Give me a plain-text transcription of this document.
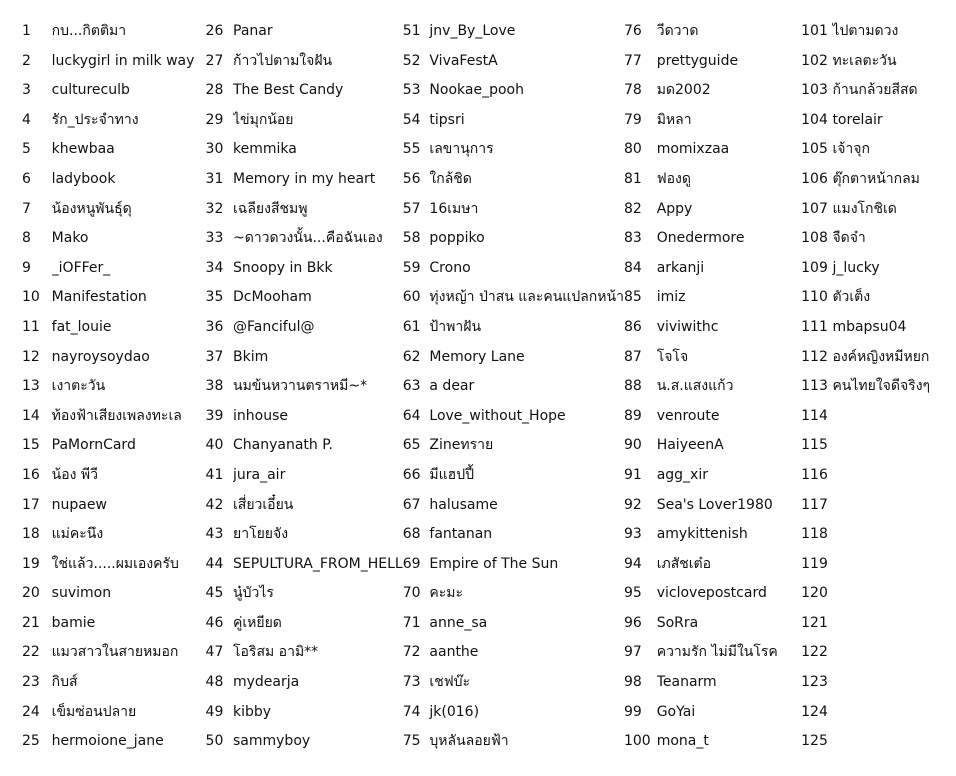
1	กบ...กิตติมา	26	Panar	51	jnv_By_Love	76	วีดวาด	101	ไปตามดวง
2	luckygirl in milk way	27	ก้าวไปตามใจฝัน	52	VivaFestA	77	prettyguide	102	ทะเลตะวัน
3	cultureculb	28	The Best Candy	53	Nookae_pooh	78	มด2002	103	ก้านกล้วยสีสด
4	รัก_ประจำทาง	29	ไข่มุกน้อย	54	tipsri	79	มิหลา	104	torelair
5	khewbaa	30	kemmika	55	เลขานุการ	80	momixzaa	105	เจ้าจุก
6	ladybook	31	Memory in my heart	56	ใกล้ชิด	81	ฟองดู	106	ตุ๊กตาหน้ากลม
7	น้องหนูพันธุ์ดุ	32	เฉลียงสีชมพู	57	16เมษา	82	Appy	107	แมงโกชิเด
8	Mako	33	~ดาวดวงนั้น...คือฉันเอง	58	poppiko	83	Onedermore	108	จืดจ๋า
9	_iOFFer_	34	Snoopy in Bkk	59	Crono	84	arkanji	109	j_lucky
10	Manifestation	35	DcMooham	60	ทุ่งหญ้า ป่าสน และคนแปลกหน้า	85	imiz	110	ตัวเต็ง
11	fat_louie	36	@Fanciful@	61	ป้าพาฝัน	86	viviwithc	111	mbapsu04
12	nayroysoydao	37	Bkim	62	Memory Lane	87	โจโจ	112	องค์หญิงหมีหยก
13	เงาตะวัน	38	นมข้นหวานตราหมี~*	63	a dear	88	น.ส.แสงแก้ว	113	คนไทยใจดีจริงๆ
14	ท้องฟ้าเสียงเพลงทะเล	39	inhouse	64	Love_without_Hope	89	venroute	114	
15	PaMornCard	40	Chanyanath P.	65	Zineทราย	90	HaiyeenA	115	
16	น้อง พีวี	41	jura_air	66	มีแฮปปี้	91	agg_xir	116	
17	nupaew	42	เสี่ยวเอี๋ยน	67	halusame	92	Sea's Lover1980	117	
18	แม่คะนึง	43	ยาโยยจัง	68	fantanan	93	amykittenish	118	
19	ใช่แล้ว.....ผมเองครับ	44	SEPULTURA_FROM_HELL	69	Empire of The Sun	94	เภสัชเต๋อ	119	
20	suvimon	45	นู๋บัวไร	70	คะมะ	95	viclovepostcard	120	
21	bamie	46	คู่เหยียด	71	anne_sa	96	SoRra	121	
22	แมวสาวในสายหมอก	47	โอริสม อามิ**	72	aanthe	97	ความรัก ไม่มีในโรค	122	
23	กิบส์	48	mydearja	73	เชฟบ๊ะ	98	Teanarm	123	
24	เข็มซ่อนปลาย	49	kibby	74	jk(016)	99	GoYai	124	
25	hermoione_jane	50	sammyboy	75	บุหลันลอยฟ้า	100	mona_t	125	
